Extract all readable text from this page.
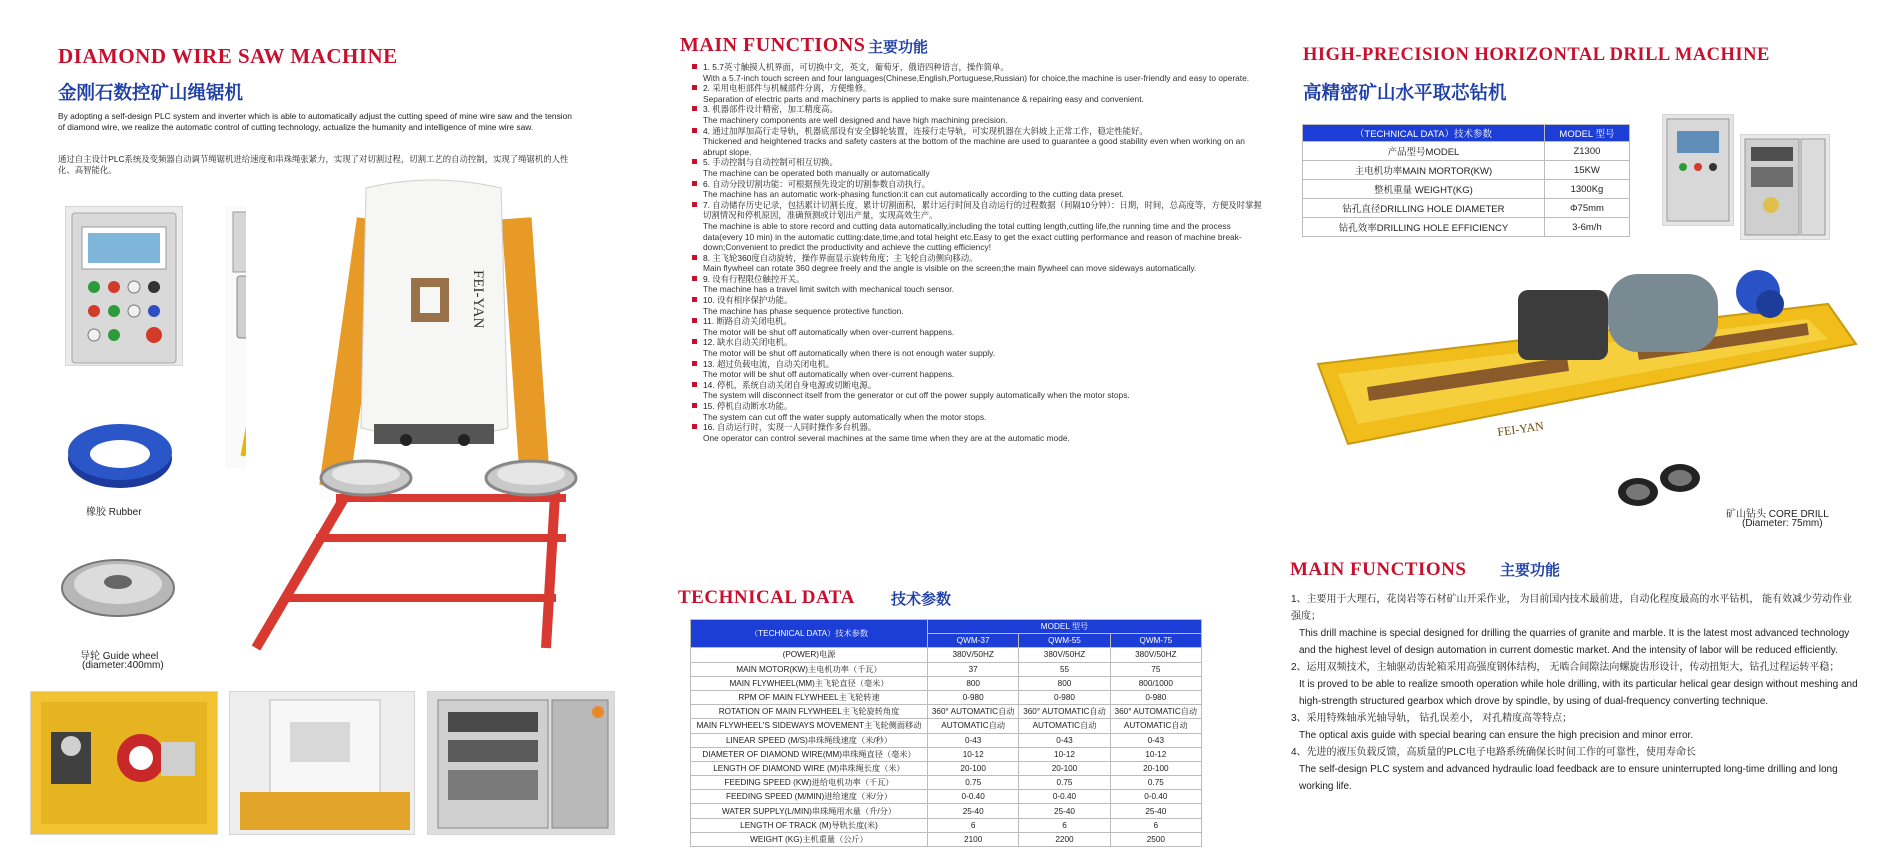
DIAMOND WIRE SAW MACHINE
金刚石数控矿山绳锯机
By adopting a self-design PLC system and inverter which is able to automatically adjust the cutting speed of mine wire saw and the tension of diamond wire, we realize the automatic control of cutting technology, actualize the humanity and intelligence of mine wire saw.
通过自主设计PLC系统及变频器自动调节绳锯机进给速度和串珠绳张紧力，实现了对切割过程，切割工艺的自动控制，实现了绳锯机的人性化、高智能化。
FEI-YAN
橡胶 Rubber
导轮 Guide wheel
(diameter:400mm)
MAIN FUNCTIONS 主要功能
1. 5.7英寸触摸人机界面，可切换中文，英文，葡萄牙，俄语四种语言，操作简单。
With a 5.7-inch touch screen and four languages(Chinese,English,Portuguese,Russian) for choice,the machine is user-friendly and easy to operate.
2. 采用电柜部件与机械部件分离，方便维修。
Separation of electric parts and machinery parts is applied to make sure maintenance & repairing easy and convenient.
3. 机器部件设计精密，加工精度高。
The machinery components are well designed and have high machining precision.
4. 通过加厚加高行走导轨，机器底部设有安全脚轮装置，连接行走导轨，可实现机器在大斜坡上正常工作，稳定性能好。
Thickened and heightened tracks and safety casters at the bottom of the machine are used to guarantee a good stability even when working on an abrupt slope.
5. 手动控制与自动控制可相互切换。
The machine can be operated both manually or automatically
6. 自动分段切割功能：可根据预先设定的切割参数自动执行。
The machine has an automatic work-phasing function:it can cut automatically according to the cutting data preset.
7. 自动储存历史记录，包括累计切割长度，累计切割面积，累计运行时间及自动运行的过程数据（间隔10分钟）：日期，时间，总高度等，方便及时掌握切割情况和停机原因，准确预测或计划出产量，实现高效生产。
The machine is able to store record and cutting data automatically,including the total cutting length,cutting life,the running time and the process data(every 10 min) in the automatic cutting:date,time,and total height etc.Easy to get the exact cutting performance and reason of machine break-down;Convenient to predict the productivity and achieve the cutting efficiency!
8. 主飞轮360度自动旋转，操作界面显示旋转角度；主飞轮自动侧向移动。
Main flywheel can rotate 360 degree freely and the angle is visible on the screen;the main flywheel can move sideways automatically.
9. 设有行程限位触控开关。
The machine has a travel limit switch with mechanical touch sensor.
10. 设有相序保护功能。
The machine has phase sequence protective function.
11. 断路自动关闭电机。
The motor will be shut off automatically when over-current happens.
12. 缺水自动关闭电机。
The motor will be shut off automatically when there is not enough water supply.
13. 超过负载电流，自动关闭电机。
The motor will be shut off automatically when over-current happens.
14. 停机，系统自动关闭自身电源或切断电源。
The system will disconnect itself from the generator or cut off the power supply automatically when the motor stops.
15. 停机自动断水功能。
The system can cut off the water supply automatically when the motor stops.
16. 自动运行时，实现一人同时操作多台机器。
One operator can control several machines at the same time when they are at the automatic mode.
TECHNICAL DATA 技术参数
（TECHNICAL DATA）技术参数	MODEL 型号		
	QWM-37	QWM-55	QWM-75
(POWER)电源	380V/50HZ	380V/50HZ	380V/50HZ
MAIN MOTOR(KW)主电机功率（千瓦）	37	55	75
MAIN FLYWHEEL(MM)主飞轮直径（毫米）	800	800	800/1000
RPM OF MAIN FLYWHEEL主飞轮转速	0-980	0-980	0-980
ROTATION OF MAIN FLYWHEEL主飞轮旋转角度	360° AUTOMATIC自动	360° AUTOMATIC自动	360° AUTOMATIC自动
MAIN FLYWHEEL'S SIDEWAYS MOVEMENT主飞轮侧面移动	AUTOMATIC自动	AUTOMATIC自动	AUTOMATIC自动
LINEAR SPEED (M/S)串珠绳线速度（米/秒）	0-43	0-43	0-43
DIAMETER OF DIAMOND WIRE(MM)串珠绳直径（毫米）	10-12	10-12	10-12
LENGTH OF DIAMOND WIRE (M)串珠绳长度（米）	20-100	20-100	20-100
FEEDING SPEED (KW)进给电机功率（千瓦）	0.75	0.75	0.75
FEEDING SPEED (M/MIN)进给速度（米/分）	0-0.40	0-0.40	0-0.40
WATER SUPPLY(L/MIN)串珠绳用水量（升/分）	25-40	25-40	25-40
LENGTH OF TRACK (M)导轨长度(米)	6	6	6
WEIGHT (KG)主机重量（公斤）	2100	2200	2500
HIGH-PRECISION HORIZONTAL DRILL MACHINE
高精密矿山水平取芯钻机
（TECHNICAL DATA）技术参数	MODEL 型号
产品型号MODEL	Z1300
主电机功率MAIN MORTOR(KW)	15KW
整机重量 WEIGHT(KG)	1300Kg
钻孔直径DRILLING HOLE DIAMETER	Φ75mm
钻孔效率DRILLING HOLE EFFICIENCY	3-6m/h
FEI-YAN
矿山钻头 CORE DRILL
(Diameter: 75mm)
MAIN FUNCTIONS 主要功能
1、主要用于大理石，花岗岩等石材矿山开采作业， 为目前国内技术最前进，自动化程度最高的水平钻机， 能有效减少劳动作业强度；
This drill machine is special designed for drilling the quarries of granite and marble. It is the latest most advanced technology and the highest level of design automation in current domestic market. And the intensity of labor will be reduced efficiently.
2、运用双频技术，主轴驱动齿轮箱采用高强度钢体结构， 无啮合间隙法向螺旋齿形设计，传动扭矩大，钻孔过程运转平稳；
It is proved to be able to realize smooth operation while hole drilling, with its particular helical gear design without meshing and high-strength structured gearbox which drove by spindle, by using of dual-frequency converting technique.
3、采用特殊轴承光轴导轨， 钻孔误差小， 对孔精度高等特点；
The optical axis guide with special bearing can ensure the high precision and minor error.
4、先进的液压负载反馈，高质量的PLC电子电路系统确保长时间工作的可靠性，使用寿命长
The self-design PLC system and advanced hydraulic load feedback are to ensure uninterrupted long-time drilling and long working life.
